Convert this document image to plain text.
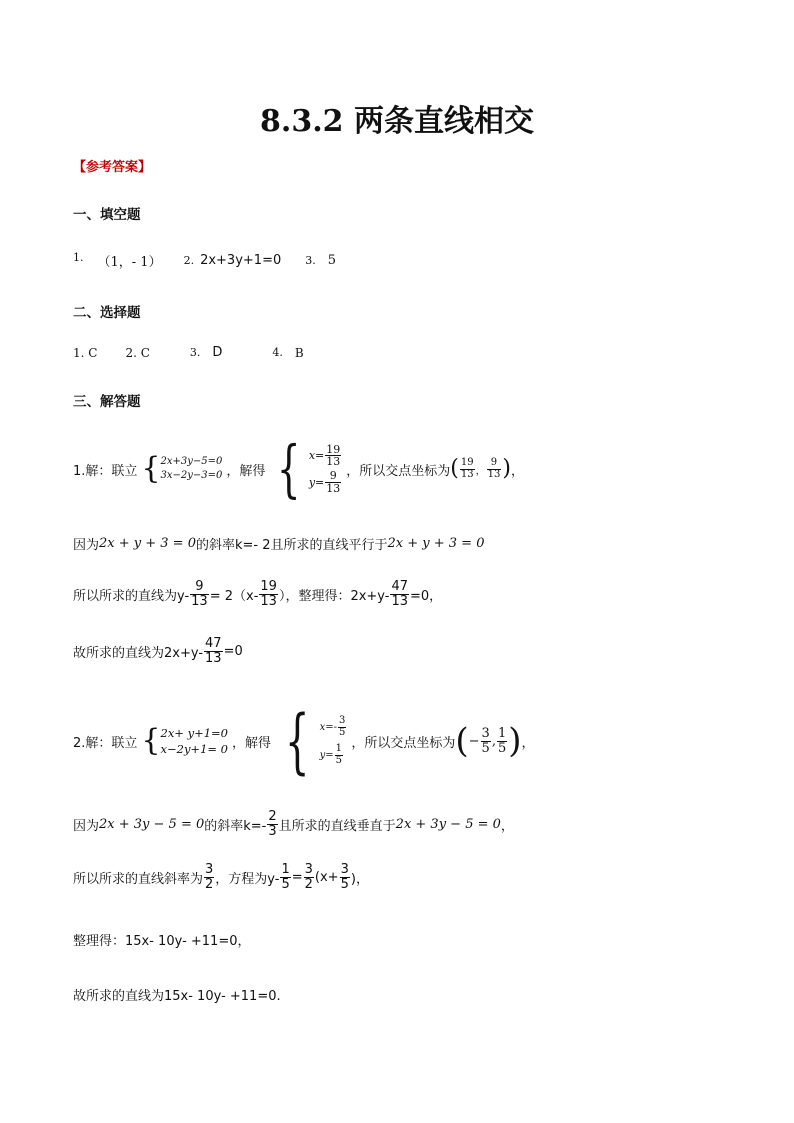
8.3.2 两条直线相交
【参考答案】
一、填空题
1. （1，- 1） 2. 2x+3y+1=0 3. 5
二、选择题
1. C 2. C	3. D	4. B
三、解答题
1.解：联立 { 2x+3y−5=0
3x−2y−3=0 ，解得 { $x= \frac{19}{13}$
$y= \frac{9}{13}$ ，所以交点坐标为 ( $\frac{19}{13}$ ， $\frac{9}{13}$ ) ，
因为 2x + y + 3 = 0 的斜率k=- 2且所求的直线平行于 2x + y + 3 = 0
所以所求的直线为$y- \frac{9}{13} = 2(x- \frac{19}{13}$ ），整理得：$2x+y- \frac{47}{13} =0$，
故所求的直线为$2x+y- \frac{47}{13} =0$
2.解：联立 { 2x+ y+1=0
x−2y+1= 0 ，解得 { $x=- \frac{3}{5}$
$y= \frac{1}{5}$
，所以交点坐标为 ( − $\frac{3}{5}$ , $\frac{1}{5}$ ) ，
因为 2x + 3y − 5 = 0 的斜率$k=- \frac{2}{3}$ 且所求的直线垂直于 2x + 3y − 5 = 0 ，
所以所求的直线斜率为 $\frac{3}{2}$ ，方程为$y- \frac{1}{5} = \frac{3}{2} (x+ \frac{3}{5}$ )，
整理得：15x- 10y- +11=0，
故所求的直线为15x- 10y- +11=0.
